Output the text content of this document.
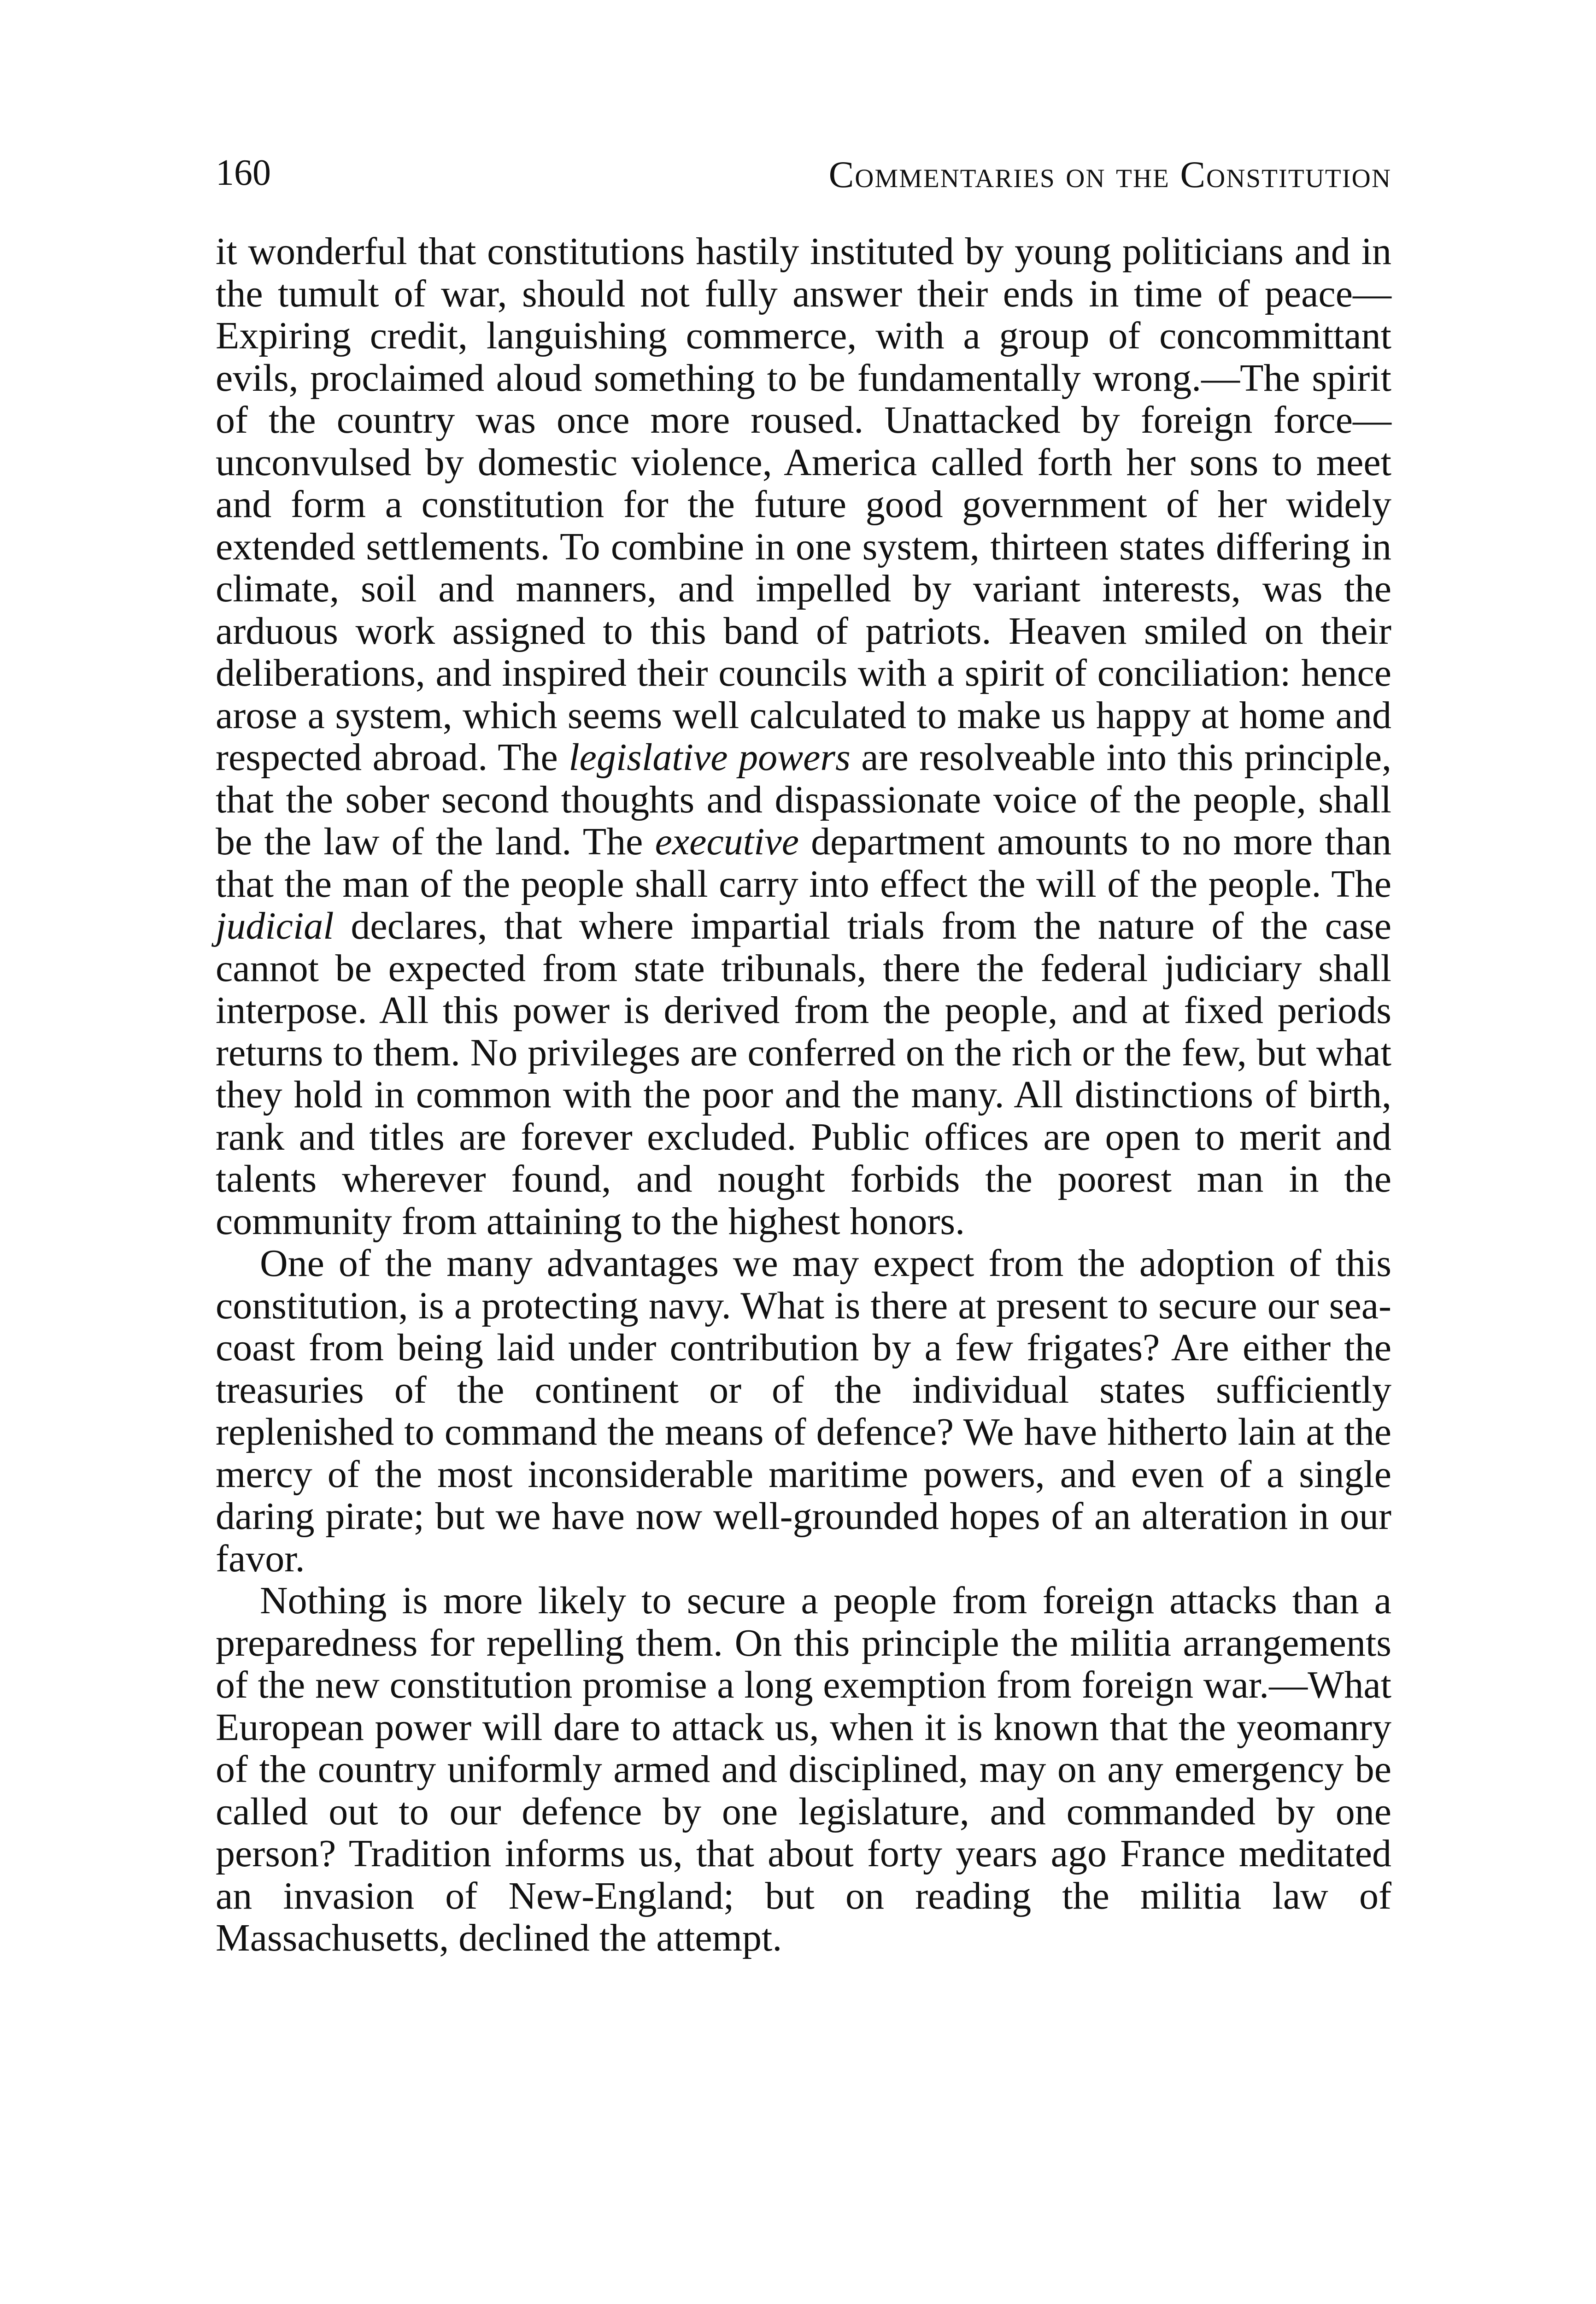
160	Commentaries on the Constitution

it wonderful that constitutions hastily instituted by young politicians and in the tumult of war, should not fully answer their ends in time of peace—Expiring credit, languishing commerce, with a group of concommittant evils, proclaimed aloud something to be fundamentally wrong.—The spirit of the country was once more roused. Unattacked by foreign force—unconvulsed by domestic violence, America called forth her sons to meet and form a constitution for the future good government of her widely extended settlements. To combine in one system, thirteen states differing in climate, soil and manners, and impelled by variant interests, was the arduous work assigned to this band of patriots. Heaven smiled on their deliberations, and inspired their councils with a spirit of conciliation: hence arose a system, which seems well calculated to make us happy at home and respected abroad. The legislative powers are resolveable into this principle, that the sober second thoughts and dispassionate voice of the people, shall be the law of the land. The executive department amounts to no more than that the man of the people shall carry into effect the will of the people. The judicial declares, that where impartial trials from the nature of the case cannot be expected from state tribunals, there the federal judiciary shall interpose. All this power is derived from the people, and at fixed periods returns to them. No privileges are conferred on the rich or the few, but what they hold in common with the poor and the many. All distinctions of birth, rank and titles are forever excluded. Public offices are open to merit and talents wherever found, and nought forbids the poorest man in the community from attaining to the highest honors.

One of the many advantages we may expect from the adoption of this constitution, is a protecting navy. What is there at present to secure our sea-coast from being laid under contribution by a few frigates? Are either the treasuries of the continent or of the individual states sufficiently replenished to command the means of defence? We have hitherto lain at the mercy of the most inconsiderable maritime powers, and even of a single daring pirate; but we have now well-grounded hopes of an alteration in our favor.

Nothing is more likely to secure a people from foreign attacks than a preparedness for repelling them. On this principle the militia arrangements of the new constitution promise a long exemption from foreign war.—What European power will dare to attack us, when it is known that the yeomanry of the country uniformly armed and disciplined, may on any emergency be called out to our defence by one legislature, and commanded by one person? Tradition informs us, that about forty years ago France meditated an invasion of New-England; but on reading the militia law of Massachusetts, declined the attempt.
